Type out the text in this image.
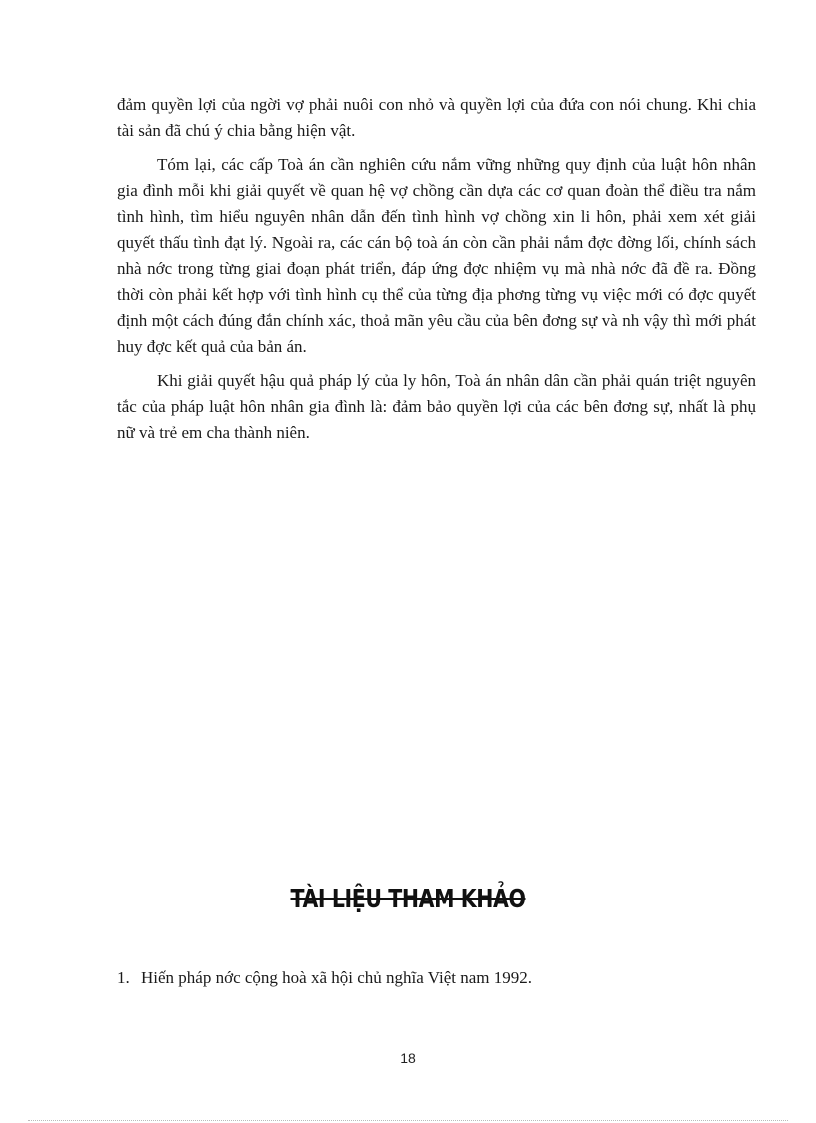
đảm quyền lợi của ngời vợ phải nuôi con nhỏ và quyền lợi của đứa con nói chung. Khi chia tài sản đã chú ý chia bằng hiện vật.

Tóm lại, các cấp Toà án cần nghiên cứu nắm vững những quy định của luật hôn nhân gia đình mỗi khi giải quyết về quan hệ vợ chồng cần dựa các cơ quan đoàn thể điều tra nắm tình hình, tìm hiểu nguyên nhân dẫn đến tình hình vợ chồng xin li hôn, phải xem xét giải quyết thấu tình đạt lý. Ngoài ra, các cán bộ toà án còn cần phải nắm đợc đờng lối, chính sách nhà nớc trong từng giai đoạn phát triển, đáp ứng đợc nhiệm vụ mà nhà nớc đã đề ra. Đồng thời còn phải kết hợp với tình hình cụ thể của từng địa phơng từng vụ việc mới có đợc quyết định một cách đúng đắn chính xác, thoả mãn yêu cầu của bên đơng sự và nh vậy thì mới phát huy đợc kết quả của bản án.

Khi giải quyết hậu quả pháp lý của ly hôn, Toà án nhân dân cần phải quán triệt nguyên tắc của pháp luật hôn nhân gia đình là: đảm bảo quyền lợi của các bên đơng sự, nhất là phụ nữ và trẻ em cha thành niên.

TÀI LIỆU THAM KHẢO
1. Hiến pháp nớc cộng hoà xã hội chủ nghĩa Việt nam 1992.
18
